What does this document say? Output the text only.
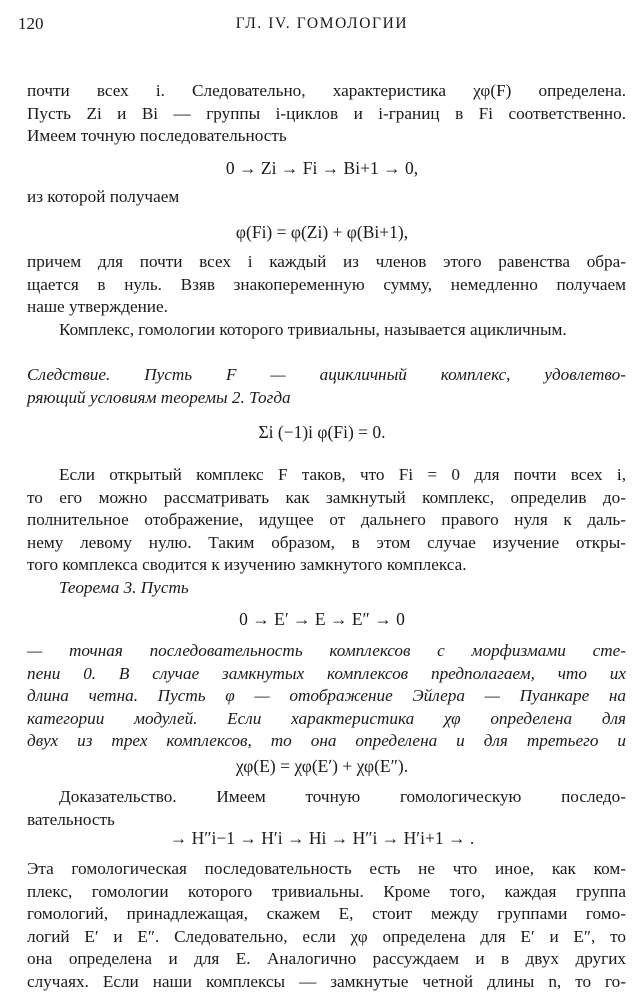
120	ГЛ. IV. ГОМОЛОГИИ
почти всех i. Следовательно, характеристика χφ(F) определена.
Пусть Zi и Bi — группы i-циклов и i-границ в Fi соответственно.
Имеем точную последовательность
0 → Zi → Fi → Bi+1 → 0,
из которой получаем
φ(Fi) = φ(Zi) + φ(Bi+1),
причем для почти всех i каждый из членов этого равенства обра-
щается в нуль. Взяв знакопеременную сумму, немедленно получаем
наше утверждение.
Комплекс, гомологии которого тривиальны, называется ацикличным.
Следствие. Пусть F — ацикличный комплекс, удовлетво-
ряющий условиям теоремы 2. Тогда
Σi (−1)i φ(Fi) = 0.
Если открытый комплекс F таков, что Fi = 0 для почти всех i,
то его можно рассматривать как замкнутый комплекс, определив до-
полнительное отображение, идущее от дальнего правого нуля к даль-
нему левому нулю. Таким образом, в этом случае изучение откры-
того комплекса сводится к изучению замкнутого комплекса.
Теорема 3. Пусть
0 → E′ → E → E″ → 0
— точная последовательность комплексов с морфизмами сте-
пени 0. В случае замкнутых комплексов предполагаем, что их
длина четна. Пусть φ — отображение Эйлера — Пуанкаре на
категории модулей. Если характеристика χφ определена для
двух из трех комплексов, то она определена и для третьего и
χφ(E) = χφ(E′) + χφ(E″).
Доказательство. Имеем точную гомологическую последо-
вательность
→ H″i−1 → H′i → Hi → H″i → H′i+1 → .
Эта гомологическая последовательность есть не что иное, как ком-
плекс, гомологии которого тривиальны. Кроме того, каждая группа
гомологий, принадлежащая, скажем E, стоит между группами гомо-
логий E′ и E″. Следовательно, если χφ определена для E′ и E″, то
она определена и для E. Аналогично рассуждаем и в двух других
случаях. Если наши комплексы — замкнутые четной длины n, то го-
